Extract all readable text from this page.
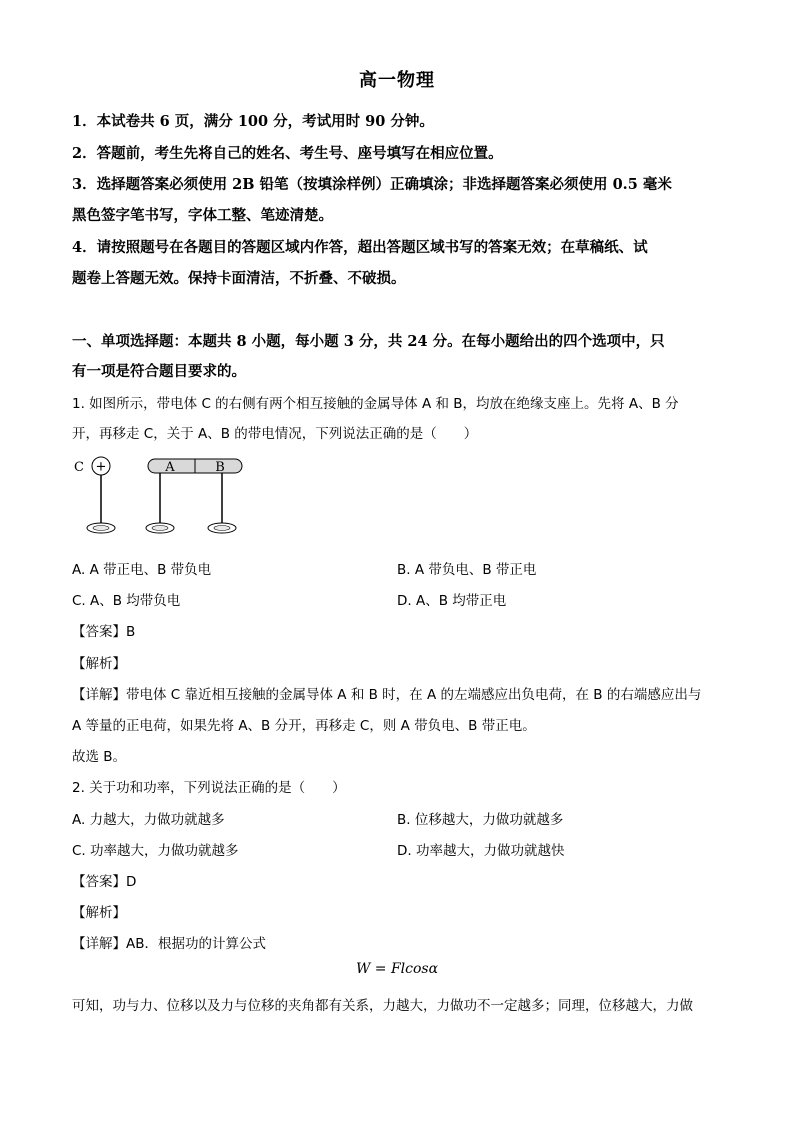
高一物理
1．本试卷共 6 页，满分 100 分，考试用时 90 分钟。
2．答题前，考生先将自己的姓名、考生号、座号填写在相应位置。
3．选择题答案必须使用 2B 铅笔（按填涂样例）正确填涂；非选择题答案必须使用 0.5 毫米
黑色签字笔书写，字体工整、笔迹清楚。
4．请按照题号在各题目的答题区域内作答，超出答题区域书写的答案无效；在草稿纸、试
题卷上答题无效。保持卡面清洁，不折叠、不破损。
一、单项选择题：本题共 8 小题，每小题 3 分，共 24 分。在每小题给出的四个选项中，只
有一项是符合题目要求的。
1. 如图所示，带电体 C 的右侧有两个相互接触的金属导体 A 和 B，均放在绝缘支座上。先将 A、B 分
开，再移走 C，关于 A、B 的带电情况，下列说法正确的是（　　）
C +	A	B
A. A 带正电、B 带负电	B. A 带负电、B 带正电
C. A、B 均带负电	D. A、B 均带正电
【答案】B
【解析】
【详解】带电体 C 靠近相互接触的金属导体 A 和 B 时，在 A 的左端感应出负电荷，在 B 的右端感应出与
A 等量的正电荷，如果先将 A、B 分开，再移走 C，则 A 带负电、B 带正电。
故选 B。
2. 关于功和功率，下列说法正确的是（　　）
A. 力越大，力做功就越多	B. 位移越大，力做功就越多
C. 功率越大，力做功就越多	D. 功率越大，力做功就越快
【答案】D
【解析】
【详解】AB．根据功的计算公式
W = Flcosα
可知，功与力、位移以及力与位移的夹角都有关系，力越大，力做功不一定越多；同理，位移越大，力做
